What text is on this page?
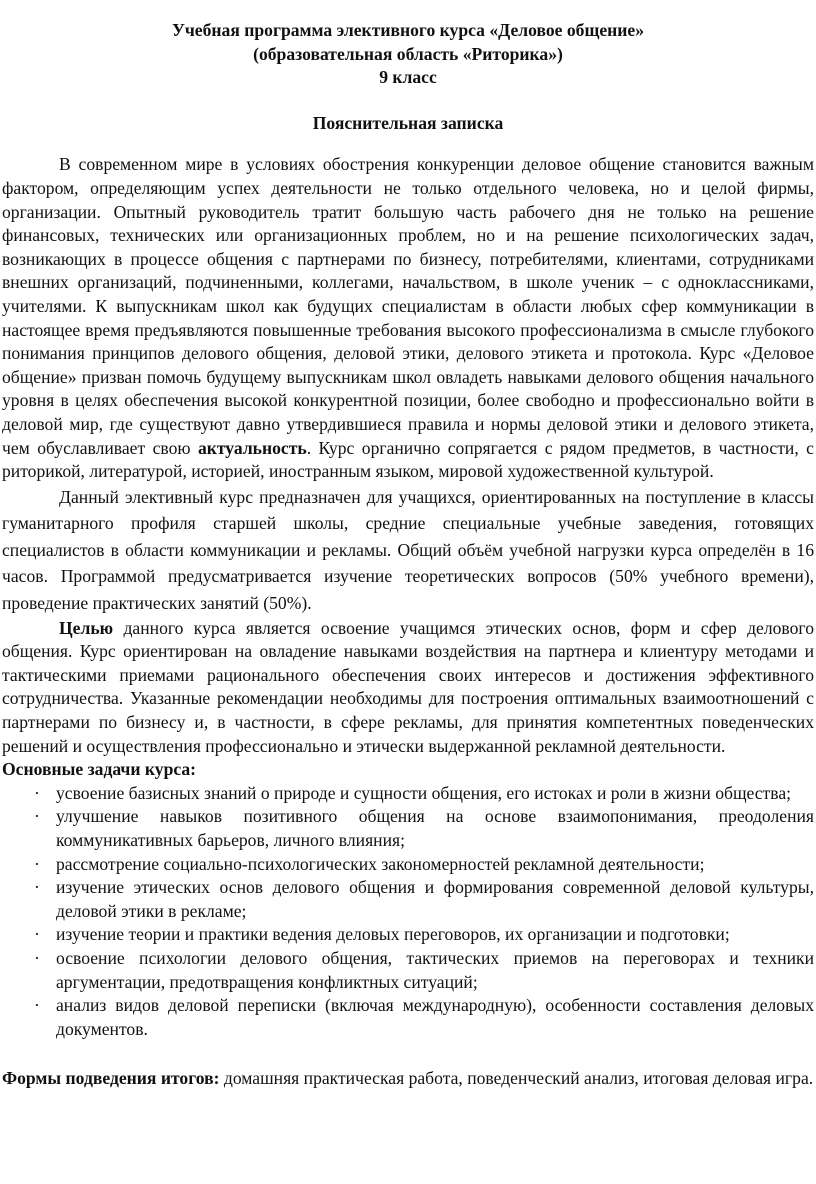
Учебная программа элективного курса «Деловое общение»

(образовательная область «Риторика»)

9 класс

Пояснительная записка

В современном мире в условиях обострения конкуренции деловое общение становится важным фактором, определяющим успех деятельности не только отдельного человека, но и целой фирмы, организации. Опытный руководитель тратит большую часть рабочего дня не только на решение финансовых, технических или организационных проблем, но и на решение психологических задач, возникающих в процессе общения с партнерами по бизнесу, потребителями, клиентами, сотрудниками внешних организаций, подчиненными, коллегами, начальством, в школе ученик – с одноклассниками, учителями. К выпускникам школ как будущих специалистам в области любых сфер коммуникации в настоящее время предъявляются повышенные требования высокого профессионализма в смысле глубокого понимания принципов делового общения, деловой этики, делового этикета и протокола. Курс «Деловое общение» призван помочь будущему выпускникам школ овладеть навыками делового общения начального уровня в целях обеспечения высокой конкурентной позиции, более свободно и профессионально войти в деловой мир, где существуют давно утвердившиеся правила и нормы деловой этики и делового этикета, чем обуславливает свою актуальность. Курс органично сопрягается с рядом предметов, в частности, с риторикой, литературой, историей, иностранным языком, мировой художественной культурой.

Данный элективный курс предназначен для учащихся, ориентированных на поступление в классы гуманитарного профиля старшей школы, средние специальные учебные заведения, готовящих специалистов в области коммуникации и рекламы. Общий объём учебной нагрузки курса определён в 16 часов. Программой предусматривается изучение теоретических вопросов (50% учебного времени), проведение практических занятий (50%).

Целью данного курса является освоение учащимся этических основ, форм и сфер делового общения. Курс ориентирован на овладение навыками воздействия на партнера и клиентуру методами и тактическими приемами рационального обеспечения своих интересов и достижения эффективного сотрудничества. Указанные рекомендации необходимы для построения оптимальных взаимоотношений с партнерами по бизнесу и, в частности, в сфере рекламы, для принятия компетентных поведенческих решений и осуществления профессионально и этически выдержанной рекламной деятельности.

Основные задачи курса:

· усвоение базисных знаний о природе и сущности общения, его истоках и роли в жизни общества;
· улучшение навыков позитивного общения на основе взаимопонимания, преодоления коммуникативных барьеров, личного влияния;
· рассмотрение социально-психологических закономерностей рекламной деятельности;
· изучение этических основ делового общения и формирования современной деловой культуры, деловой этики в рекламе;
· изучение теории и практики ведения деловых переговоров, их организации и подготовки;
· освоение психологии делового общения, тактических приемов на переговорах и техники аргументации, предотвращения конфликтных ситуаций;
· анализ видов деловой переписки (включая международную), особенности составления деловых документов.

Формы подведения итогов: домашняя практическая работа, поведенческий анализ, итоговая деловая игра.
